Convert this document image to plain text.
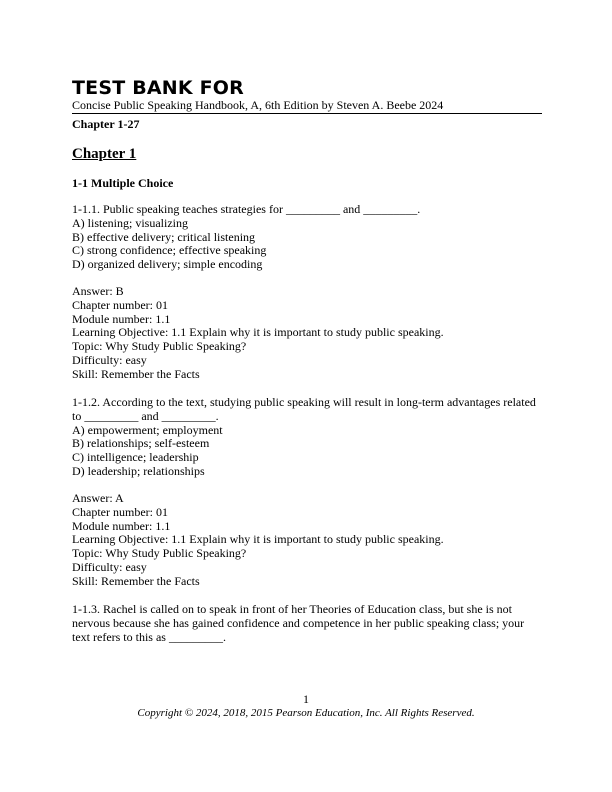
TEST BANK FOR
Concise Public Speaking Handbook, A, 6th Edition by Steven A. Beebe 2024
Chapter 1-27
Chapter 1
1-1 Multiple Choice
1-1.1. Public speaking teaches strategies for _________ and _________.
A) listening; visualizing
B) effective delivery; critical listening
C) strong confidence; effective speaking
D) organized delivery; simple encoding
Answer: B
Chapter number: 01
Module number: 1.1
Learning Objective: 1.1 Explain why it is important to study public speaking.
Topic: Why Study Public Speaking?
Difficulty: easy
Skill: Remember the Facts
1-1.2. According to the text, studying public speaking will result in long-term advantages related to _________ and _________.
A) empowerment; employment
B) relationships; self-esteem
C) intelligence; leadership
D) leadership; relationships
Answer: A
Chapter number: 01
Module number: 1.1
Learning Objective: 1.1 Explain why it is important to study public speaking.
Topic: Why Study Public Speaking?
Difficulty: easy
Skill: Remember the Facts
1-1.3. Rachel is called on to speak in front of her Theories of Education class, but she is not nervous because she has gained confidence and competence in her public speaking class; your text refers to this as _________.
1
Copyright © 2024, 2018, 2015 Pearson Education, Inc. All Rights Reserved.
